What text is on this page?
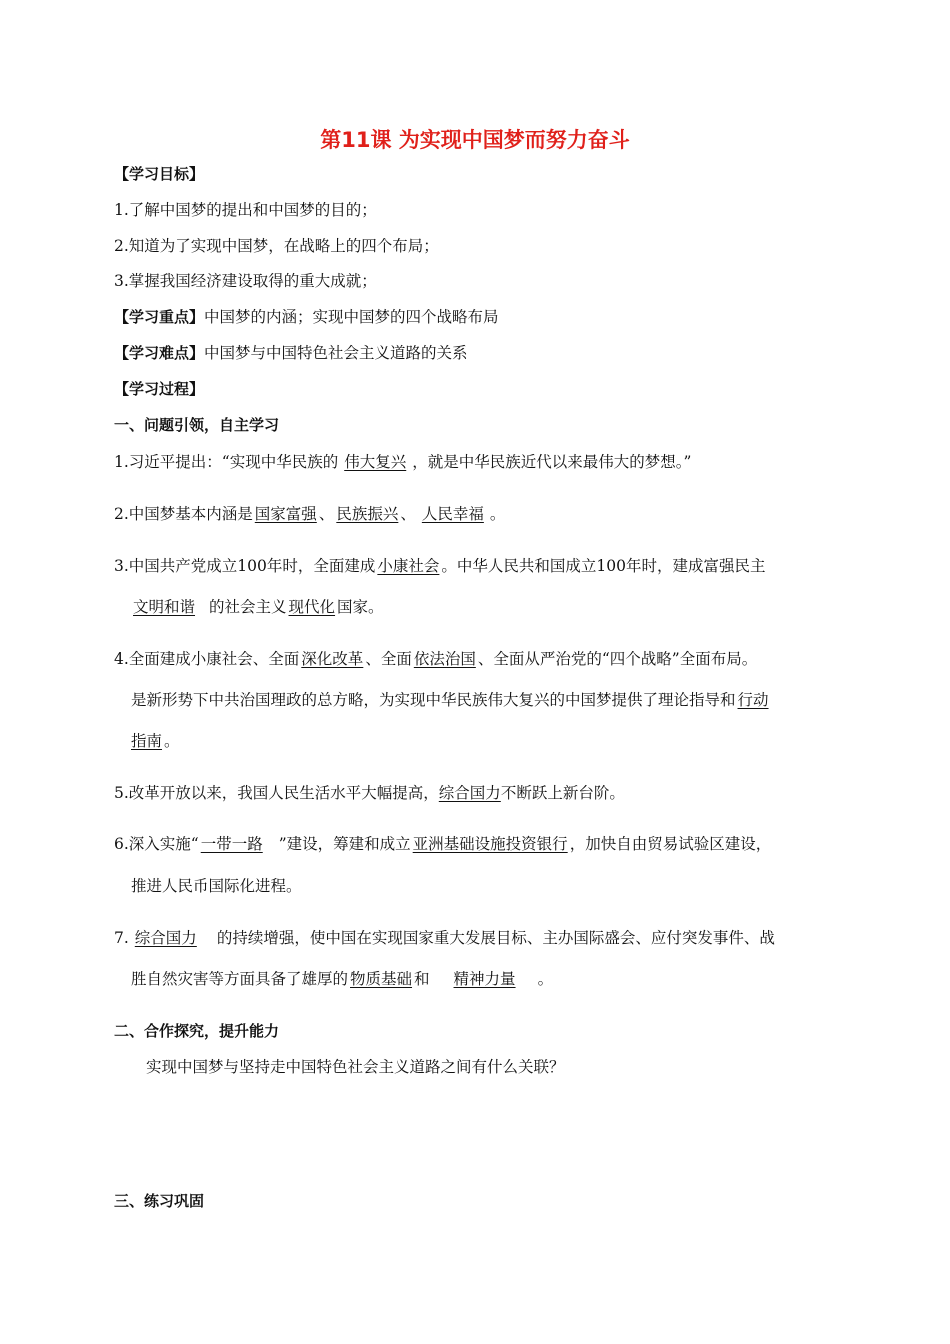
第11课 为实现中国梦而努力奋斗
【学习目标】
1.了解中国梦的提出和中国梦的目的；
2.知道为了实现中国梦，在战略上的四个布局；
3.掌握我国经济建设取得的重大成就；
【学习重点】中国梦的内涵；实现中国梦的四个战略布局
【学习难点】中国梦与中国特色社会主义道路的关系
【学习过程】
一、问题引领，自主学习
1.习近平提出：“实现中华民族的 伟大复兴 ，就是中华民族近代以来最伟大的梦想。”
2.中国梦基本内涵是 国家富强 、 民族振兴 、 人民幸福 。
3.中国共产党成立100年时，全面建成 小康社会 。中华人民共和国成立100年时，建成富强民主
文明和谐 的社会主义 现代化 国家。
4.全面建成小康社会、全面 深化改革 、全面 依法治国 、全面从严治党的“四个战略”全面布局。
是新形势下中共治国理政的总方略，为实现中华民族伟大复兴的中国梦提供了理论指导和 行动
指南 。
5.改革开放以来，我国人民生活水平大幅提高，综合国力不断跃上新台阶。
6.深入实施“ 一带一路 ”建设，筹建和成立 亚洲基础设施投资银行 ，加快自由贸易试验区建设，
推进人民币国际化进程。
7. 综合国力 的持续增强，使中国在实现国家重大发展目标、主办国际盛会、应付突发事件、战
胜自然灾害等方面具备了雄厚的 物质基础 和 精神力量 。
二、合作探究，提升能力
实现中国梦与坚持走中国特色社会主义道路之间有什么关联？
三、练习巩固
